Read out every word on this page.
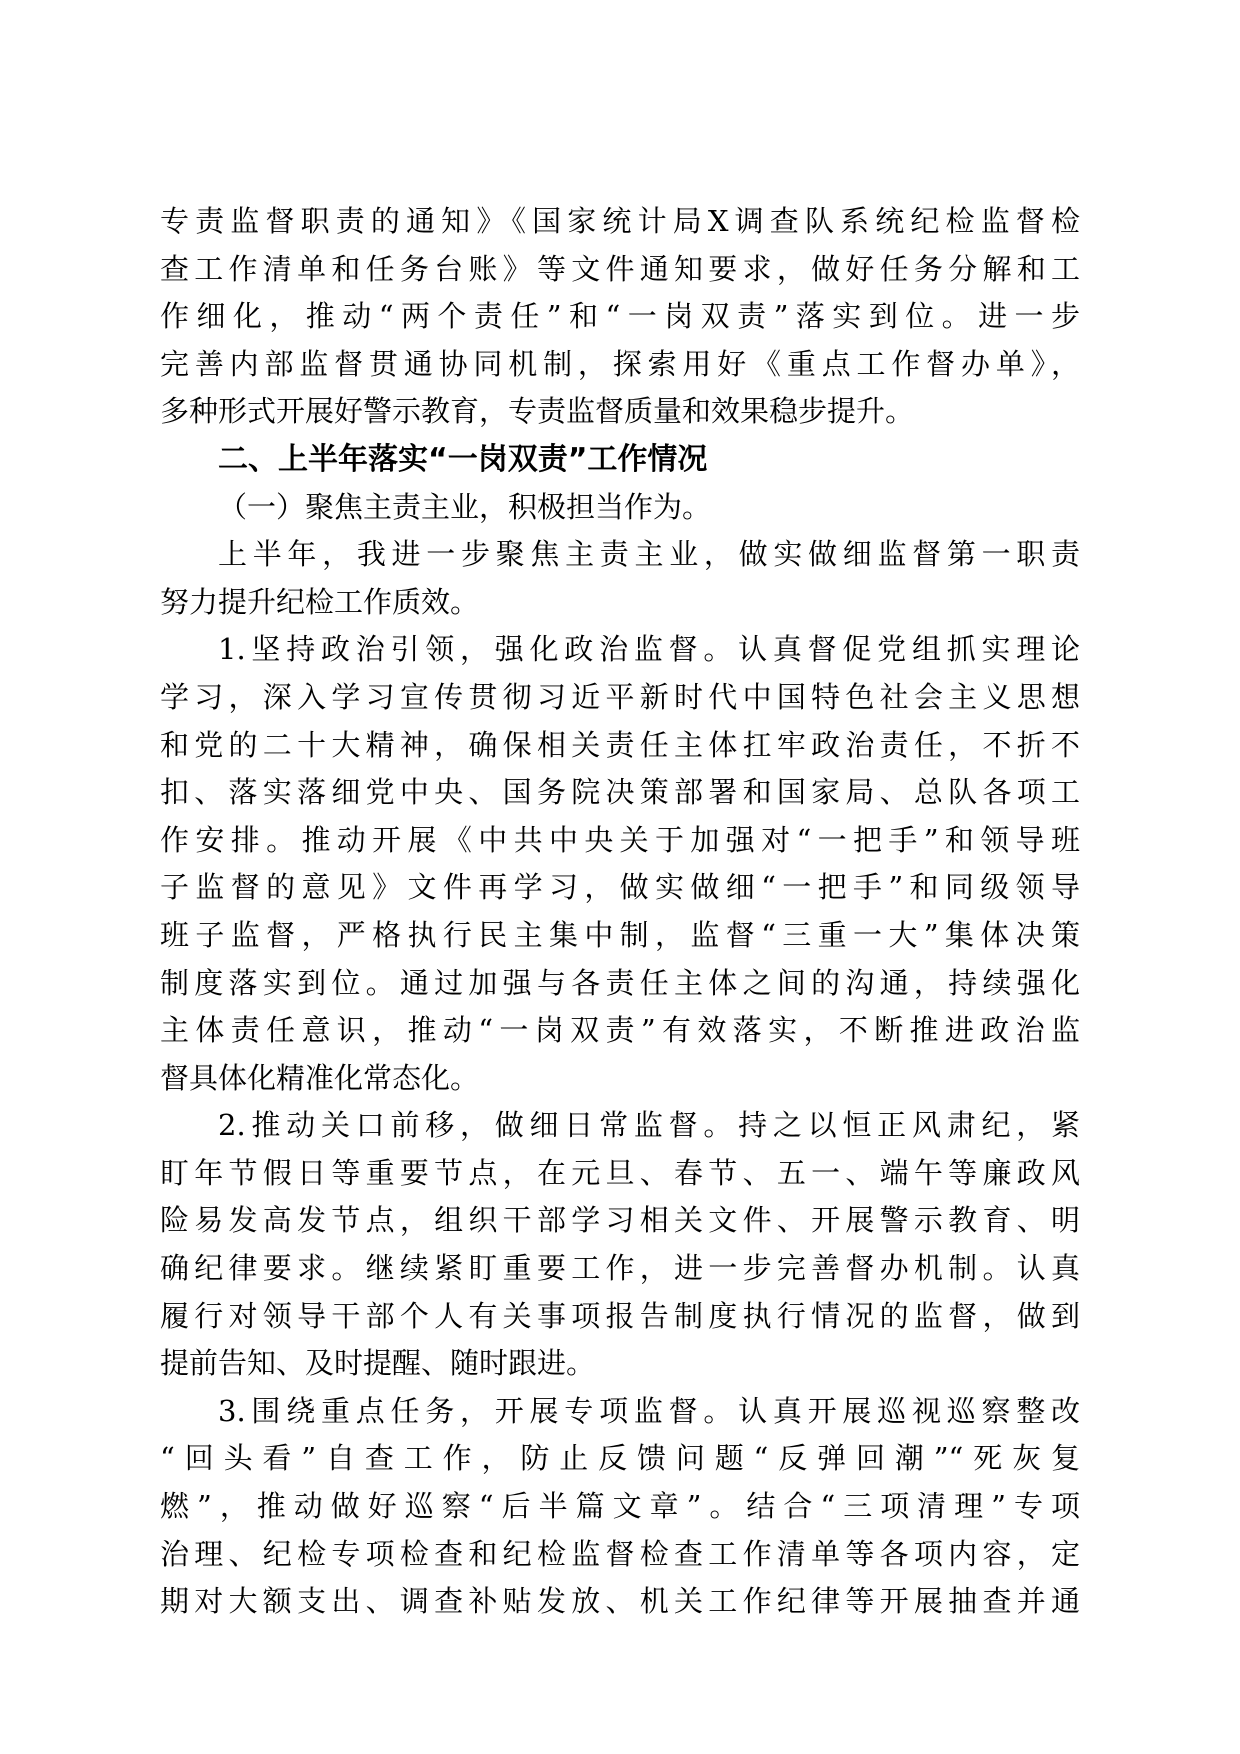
专责监督职责的通知》《国家统计局X调查队系统纪检监督检
查工作清单和任务台账》等文件通知要求，做好任务分解和工
作细化，推动“两个责任”和“一岗双责”落实到位。进一步
完善内部监督贯通协同机制，探索用好《重点工作督办单》，
多种形式开展好警示教育，专责监督质量和效果稳步提升。
二、上半年落实“一岗双责”工作情况
（一）聚焦主责主业，积极担当作为。
上半年，我进一步聚焦主责主业，做实做细监督第一职责
努力提升纪检工作质效。
1.坚持政治引领，强化政治监督。认真督促党组抓实理论
学习，深入学习宣传贯彻习近平新时代中国特色社会主义思想
和党的二十大精神，确保相关责任主体扛牢政治责任，不折不
扣、落实落细党中央、国务院决策部署和国家局、总队各项工
作安排。推动开展《中共中央关于加强对“一把手”和领导班
子监督的意见》文件再学习，做实做细“一把手”和同级领导
班子监督，严格执行民主集中制，监督“三重一大”集体决策
制度落实到位。通过加强与各责任主体之间的沟通，持续强化
主体责任意识，推动“一岗双责”有效落实，不断推进政治监
督具体化精准化常态化。
2.推动关口前移，做细日常监督。持之以恒正风肃纪，紧
盯年节假日等重要节点，在元旦、春节、五一、端午等廉政风
险易发高发节点，组织干部学习相关文件、开展警示教育、明
确纪律要求。继续紧盯重要工作，进一步完善督办机制。认真
履行对领导干部个人有关事项报告制度执行情况的监督，做到
提前告知、及时提醒、随时跟进。
3.围绕重点任务，开展专项监督。认真开展巡视巡察整改
“回头看”自查工作，防止反馈问题“反弹回潮”“死灰复
燃”，推动做好巡察“后半篇文章”。结合“三项清理”专项
治理、纪检专项检查和纪检监督检查工作清单等各项内容，定
期对大额支出、调查补贴发放、机关工作纪律等开展抽查并通
